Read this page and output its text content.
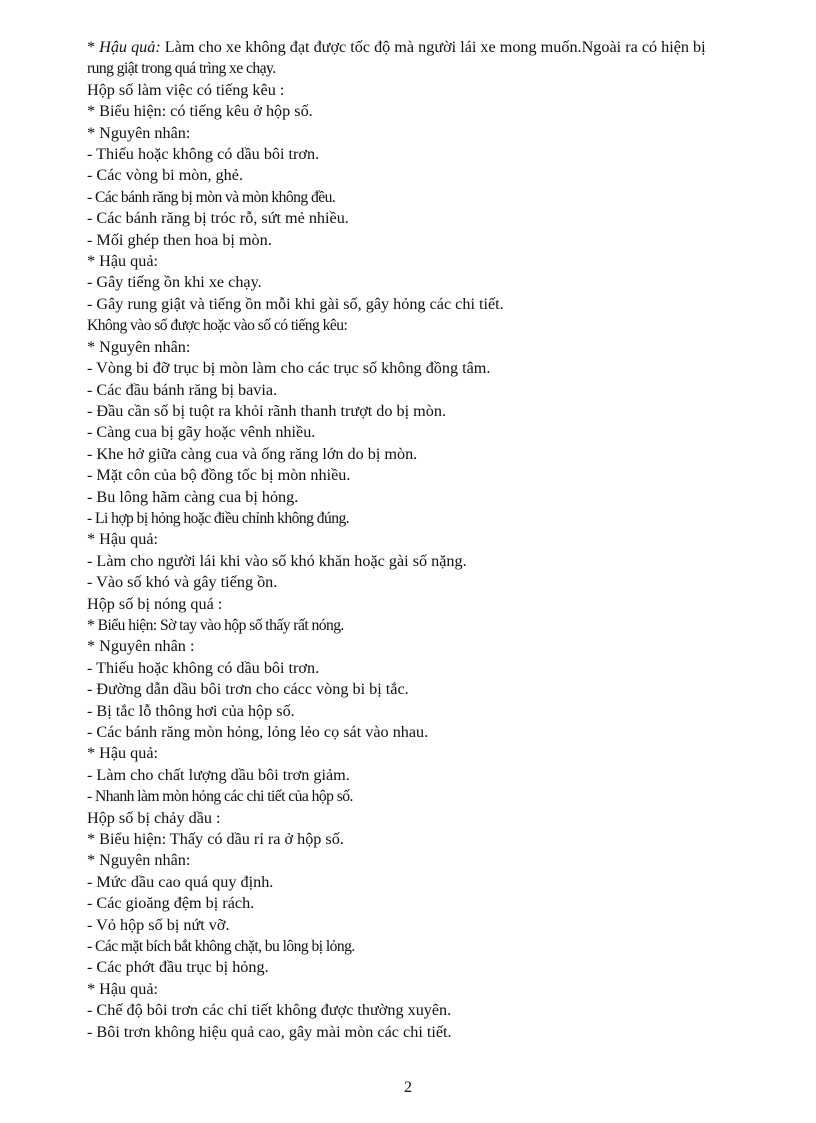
* Hậu quả: Làm cho xe không đạt được tốc độ mà người lái xe mong muốn.Ngoài ra có hiện bị
rung giật trong quá trìng xe chạy.
Hộp số làm việc có tiếng kêu :
* Biểu hiện: có tiếng kêu ở hộp số.
* Nguyên nhân:
- Thiếu hoặc không có dầu bôi trơn.
- Các vòng bi mòn, ghẻ.
- Các bánh răng bị mòn và mòn không đều.
- Các bánh răng bị tróc rỗ, sứt mẻ nhiều.
- Mối ghép then hoa bị mòn.
* Hậu quả:
- Gây tiếng ồn khi xe chạy.
- Gây rung giật và tiếng ồn mỗi khi gài số, gây hỏng các chi tiết.
Không vào số được hoặc vào số có tiếng kêu:
* Nguyên nhân:
- Vòng bi đỡ trục bị mòn làm cho các trục số không đồng tâm.
- Các đầu bánh răng bị bavia.
- Đầu cần số bị tuột ra khỏi rãnh thanh trượt do bị mòn.
- Càng cua bị gãy hoặc vênh nhiều.
- Khe hở giữa càng cua và ống răng lớn do bị mòn.
- Mặt côn của bộ đồng tốc bị mòn nhiều.
- Bu lông hãm càng cua bị hỏng.
- Li hợp bị hỏng hoặc điều chỉnh không đúng.
* Hậu quả:
- Làm cho người lái khi vào số khó khăn hoặc gài số nặng.
- Vào số khó và gây tiếng ồn.
Hộp số bị nóng quá :
* Biểu hiện: Sờ tay vào hộp số thấy rất nóng.
* Nguyên nhân :
- Thiếu hoặc không có dầu bôi trơn.
- Đường dẫn dầu bôi trơn cho cácc vòng bi bị tắc.
- Bị tắc lỗ thông hơi của hộp số.
- Các bánh răng mòn hỏng, lỏng lẻo cọ sát vào nhau.
* Hậu quả:
- Làm cho chất lượng dầu bôi trơn giảm.
- Nhanh làm mòn hỏng các chi tiết của hộp số.
Hộp số bị chảy dầu :
* Biểu hiện: Thấy có dầu rỉ ra ở hộp số.
* Nguyên nhân:
- Mức dầu cao quá quy định.
- Các gioăng đệm bị rách.
- Vỏ hộp số bị nứt vỡ.
- Các mặt bích bắt không chặt, bu lông bị lỏng.
- Các phớt đầu trục bị hỏng.
* Hậu quả:
- Chế độ bôi trơn các chi tiết không được thường xuyên.
- Bôi trơn không hiệu quả cao, gây mài mòn các chi tiết.
2
